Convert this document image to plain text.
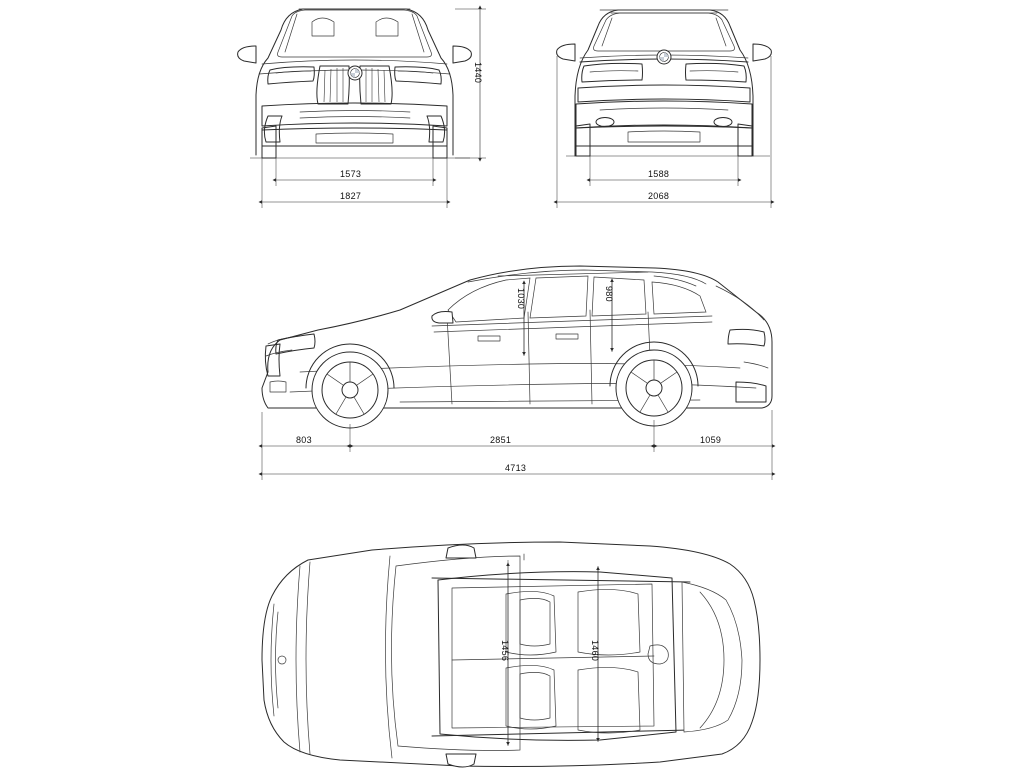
1440
1573
1827
1588
2068
1030	980
803	2851	1059
4713
1456	1460
